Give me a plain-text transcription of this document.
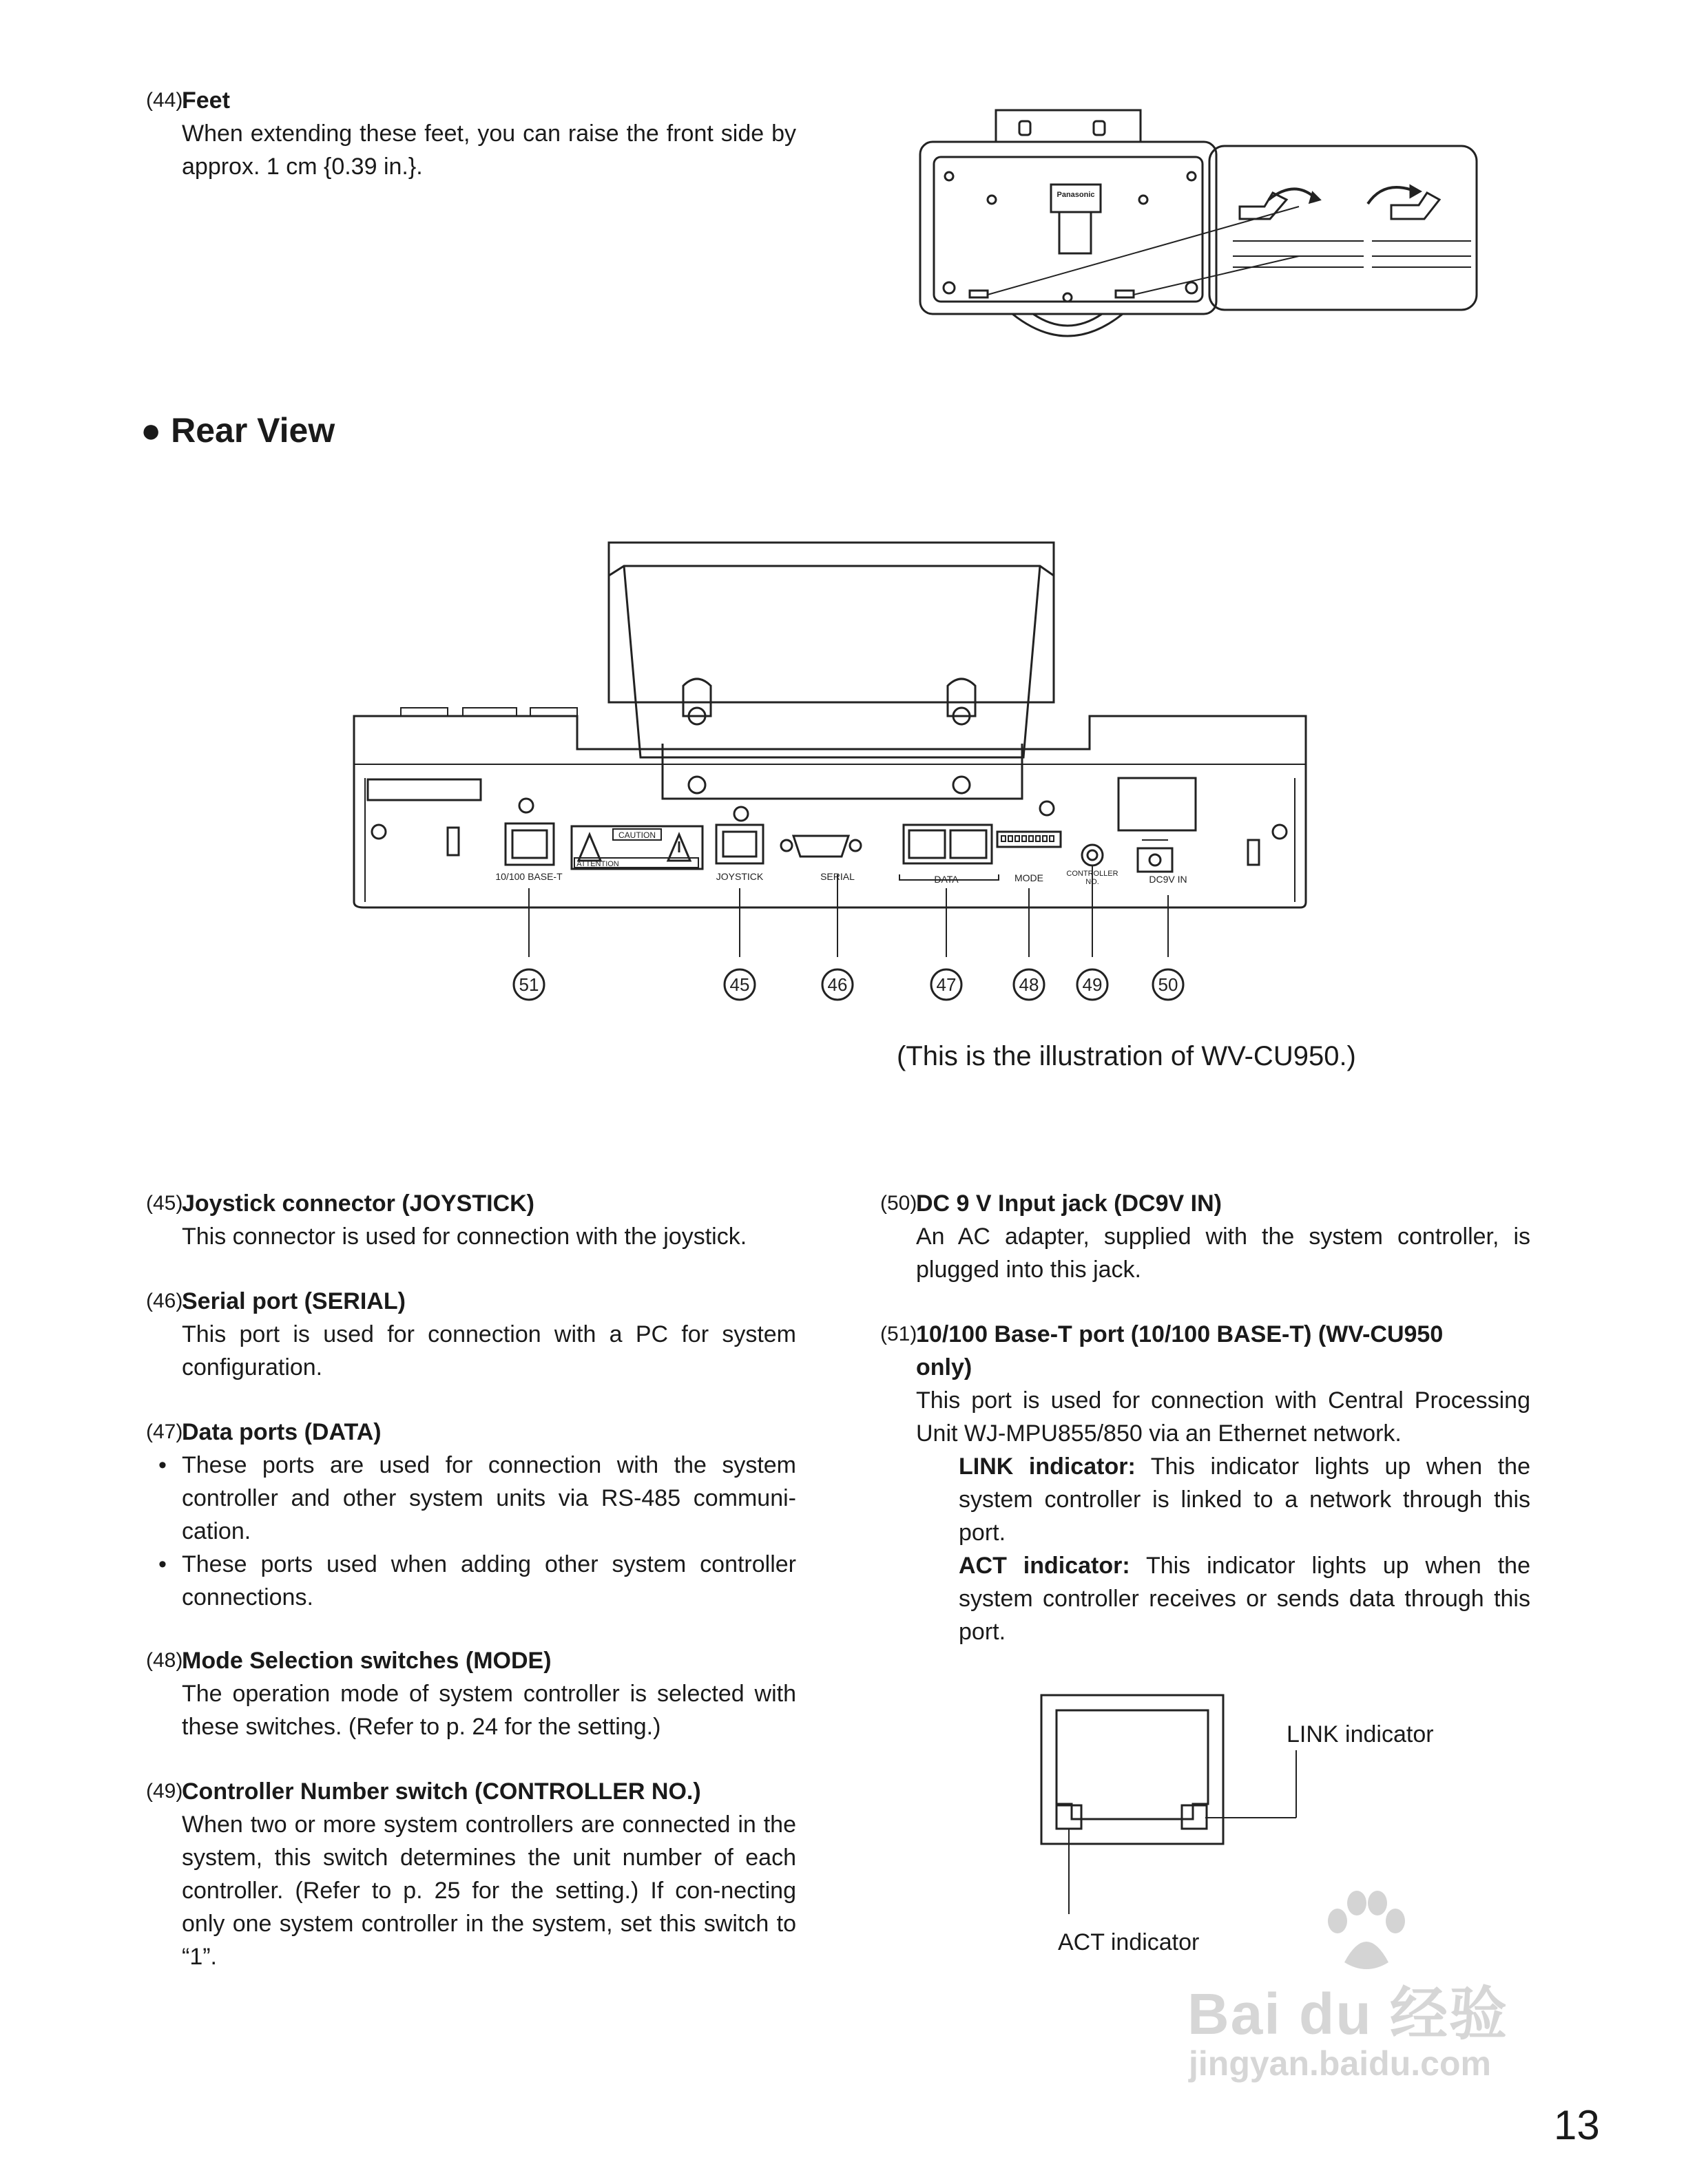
(44)
Feet

When extending these feet, you can raise the front side by approx. 1 cm {0.39 in.}.

Panasonic
● Rear View
10/100 BASE-T
CAUTION
ATTENTION
JOYSTICK	SERIAL	DATA	MODE	CONTROLLER
NO.	DC9V IN
51	45	46	47	48 49	50
(This is the illustration of WV-CU950.)
(45)
Joystick connector (JOYSTICK)

This connector is used for connection with the joystick.

(46)
Serial port (SERIAL)

This port is used for connection with a PC for system configuration.

(47)
Data ports (DATA)
• These ports are used for connection with the system controller and other system units via RS-485 communi-cation.
• These ports used when adding other system controller connections.
(48)
Mode Selection switches (MODE)

The operation mode of system controller is selected with these switches. (Refer to p. 24 for the setting.)

(49)
Controller Number switch (CONTROLLER NO.)

When two or more system controllers are connected in the system, this switch determines the unit number of each controller. (Refer to p. 25 for the setting.) If con-necting only one system controller in the system, set this switch to “1”.

(50)
DC 9 V Input jack (DC9V IN)

An AC adapter, supplied with the system controller, is plugged into this jack.

(51)
10/100 Base-T port (10/100 BASE-T) (WV-CU950
only)

This port is used for connection with Central Processing Unit WJ-MPU855/850 via an Ethernet network.

LINK indicator: This indicator lights up when the system controller is linked to a network through this port.

ACT indicator: This indicator lights up when the system controller receives or sends data through this port.

LINK indicator
ACT indicator
Bai du 经验
jingyan.baidu.com
13
